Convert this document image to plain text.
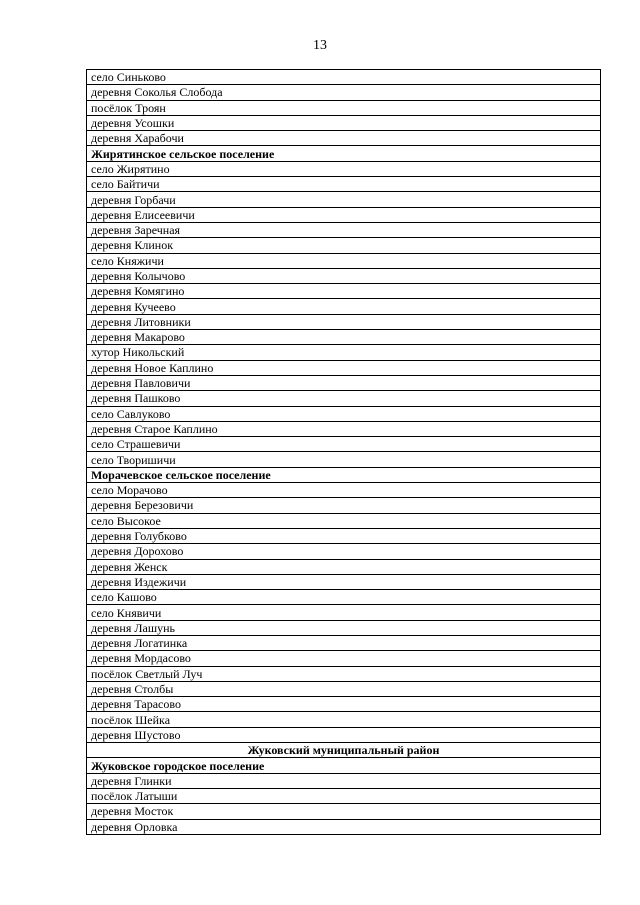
13
село Синьково
деревня Соколья Слобода
посёлок Троян
деревня Усошки
деревня Харабочи
Жирятинское сельское поселение
село Жирятино
село Байтичи
деревня Горбачи
деревня Елисеевичи
деревня Заречная
деревня Клинок
село Княжичи
деревня Колычово
деревня Комягино
деревня Кучеево
деревня Литовники
деревня Макарово
хутор Никольский
деревня Новое Каплино
деревня Павловичи
деревня Пашково
село Савлуково
деревня Старое Каплино
село Страшевичи
село Творишичи
Морачевское сельское поселение
село Морачово
деревня Березовичи
село Высокое
деревня Голубково
деревня Дорохово
деревня Женск
деревня Издежичи
село Кашово
село Княвичи
деревня Лашунь
деревня Логатинка
деревня Мордасово
посёлок Светлый Луч
деревня Столбы
деревня Тарасово
посёлок Шейка
деревня Шустово
Жуковский муниципальный район
Жуковское городское поселение
деревня Глинки
посёлок Латыши
деревня Мосток
деревня Орловка
